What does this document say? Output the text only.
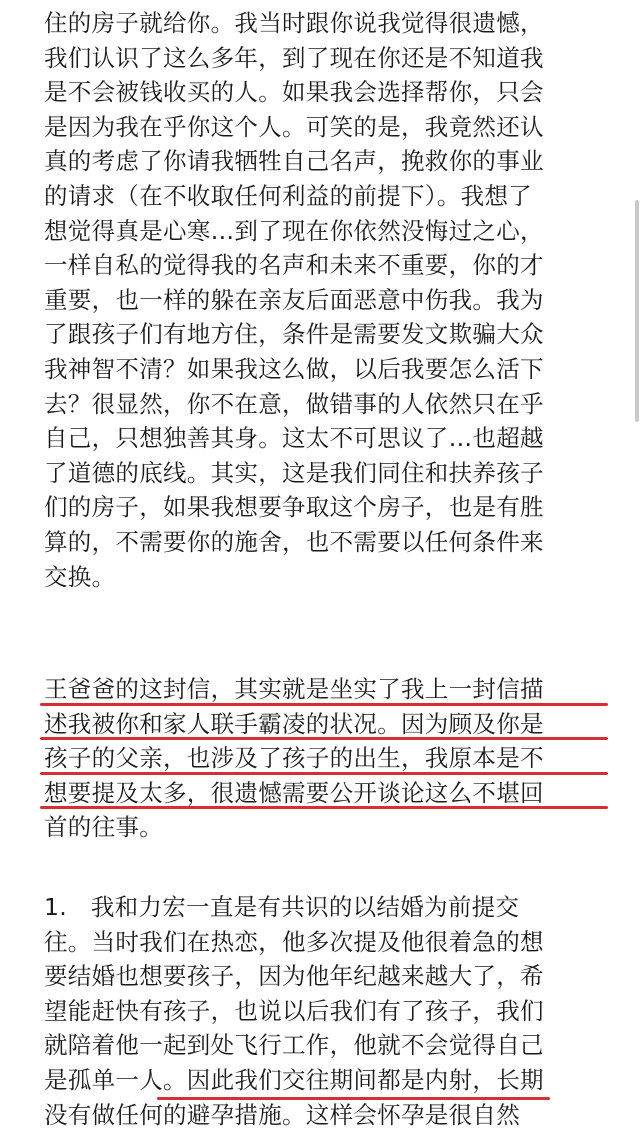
住的房子就给你。我当时跟你说我觉得很遗憾，
我们认识了这么多年，到了现在你还是不知道我
是不会被钱收买的人。如果我会选择帮你，只会
是因为我在乎你这个人。可笑的是，我竟然还认
真的考虑了你请我牺牲自己名声，挽救你的事业
的请求（在不收取任何利益的前提下）。我想了
想觉得真是心寒…到了现在你依然没悔过之心，
一样自私的觉得我的名声和未来不重要，你的才
重要，也一样的躲在亲友后面恶意中伤我。我为
了跟孩子们有地方住，条件是需要发文欺骗大众
我神智不清？如果我这么做，以后我要怎么活下
去？很显然，你不在意，做错事的人依然只在乎
自己，只想独善其身。这太不可思议了…也超越
了道德的底线。其实，这是我们同住和扶养孩子
们的房子，如果我想要争取这个房子，也是有胜
算的，不需要你的施舍，也不需要以任何条件来
交换。
王爸爸的这封信，其实就是坐实了我上一封信描
述我被你和家人联手霸凌的状况。因为顾及你是
孩子的父亲，也涉及了孩子的出生，我原本是不
想要提及太多，很遗憾需要公开谈论这么不堪回
首的往事。
1.　我和力宏一直是有共识的以结婚为前提交
往。当时我们在热恋，他多次提及他很着急的想
要结婚也想要孩子，因为他年纪越来越大了，希
望能赶快有孩子，也说以后我们有了孩子，我们
就陪着他一起到处飞行工作，他就不会觉得自己
是孤单一人。因此我们交往期间都是内射，长期
没有做任何的避孕措施。这样会怀孕是很自然
